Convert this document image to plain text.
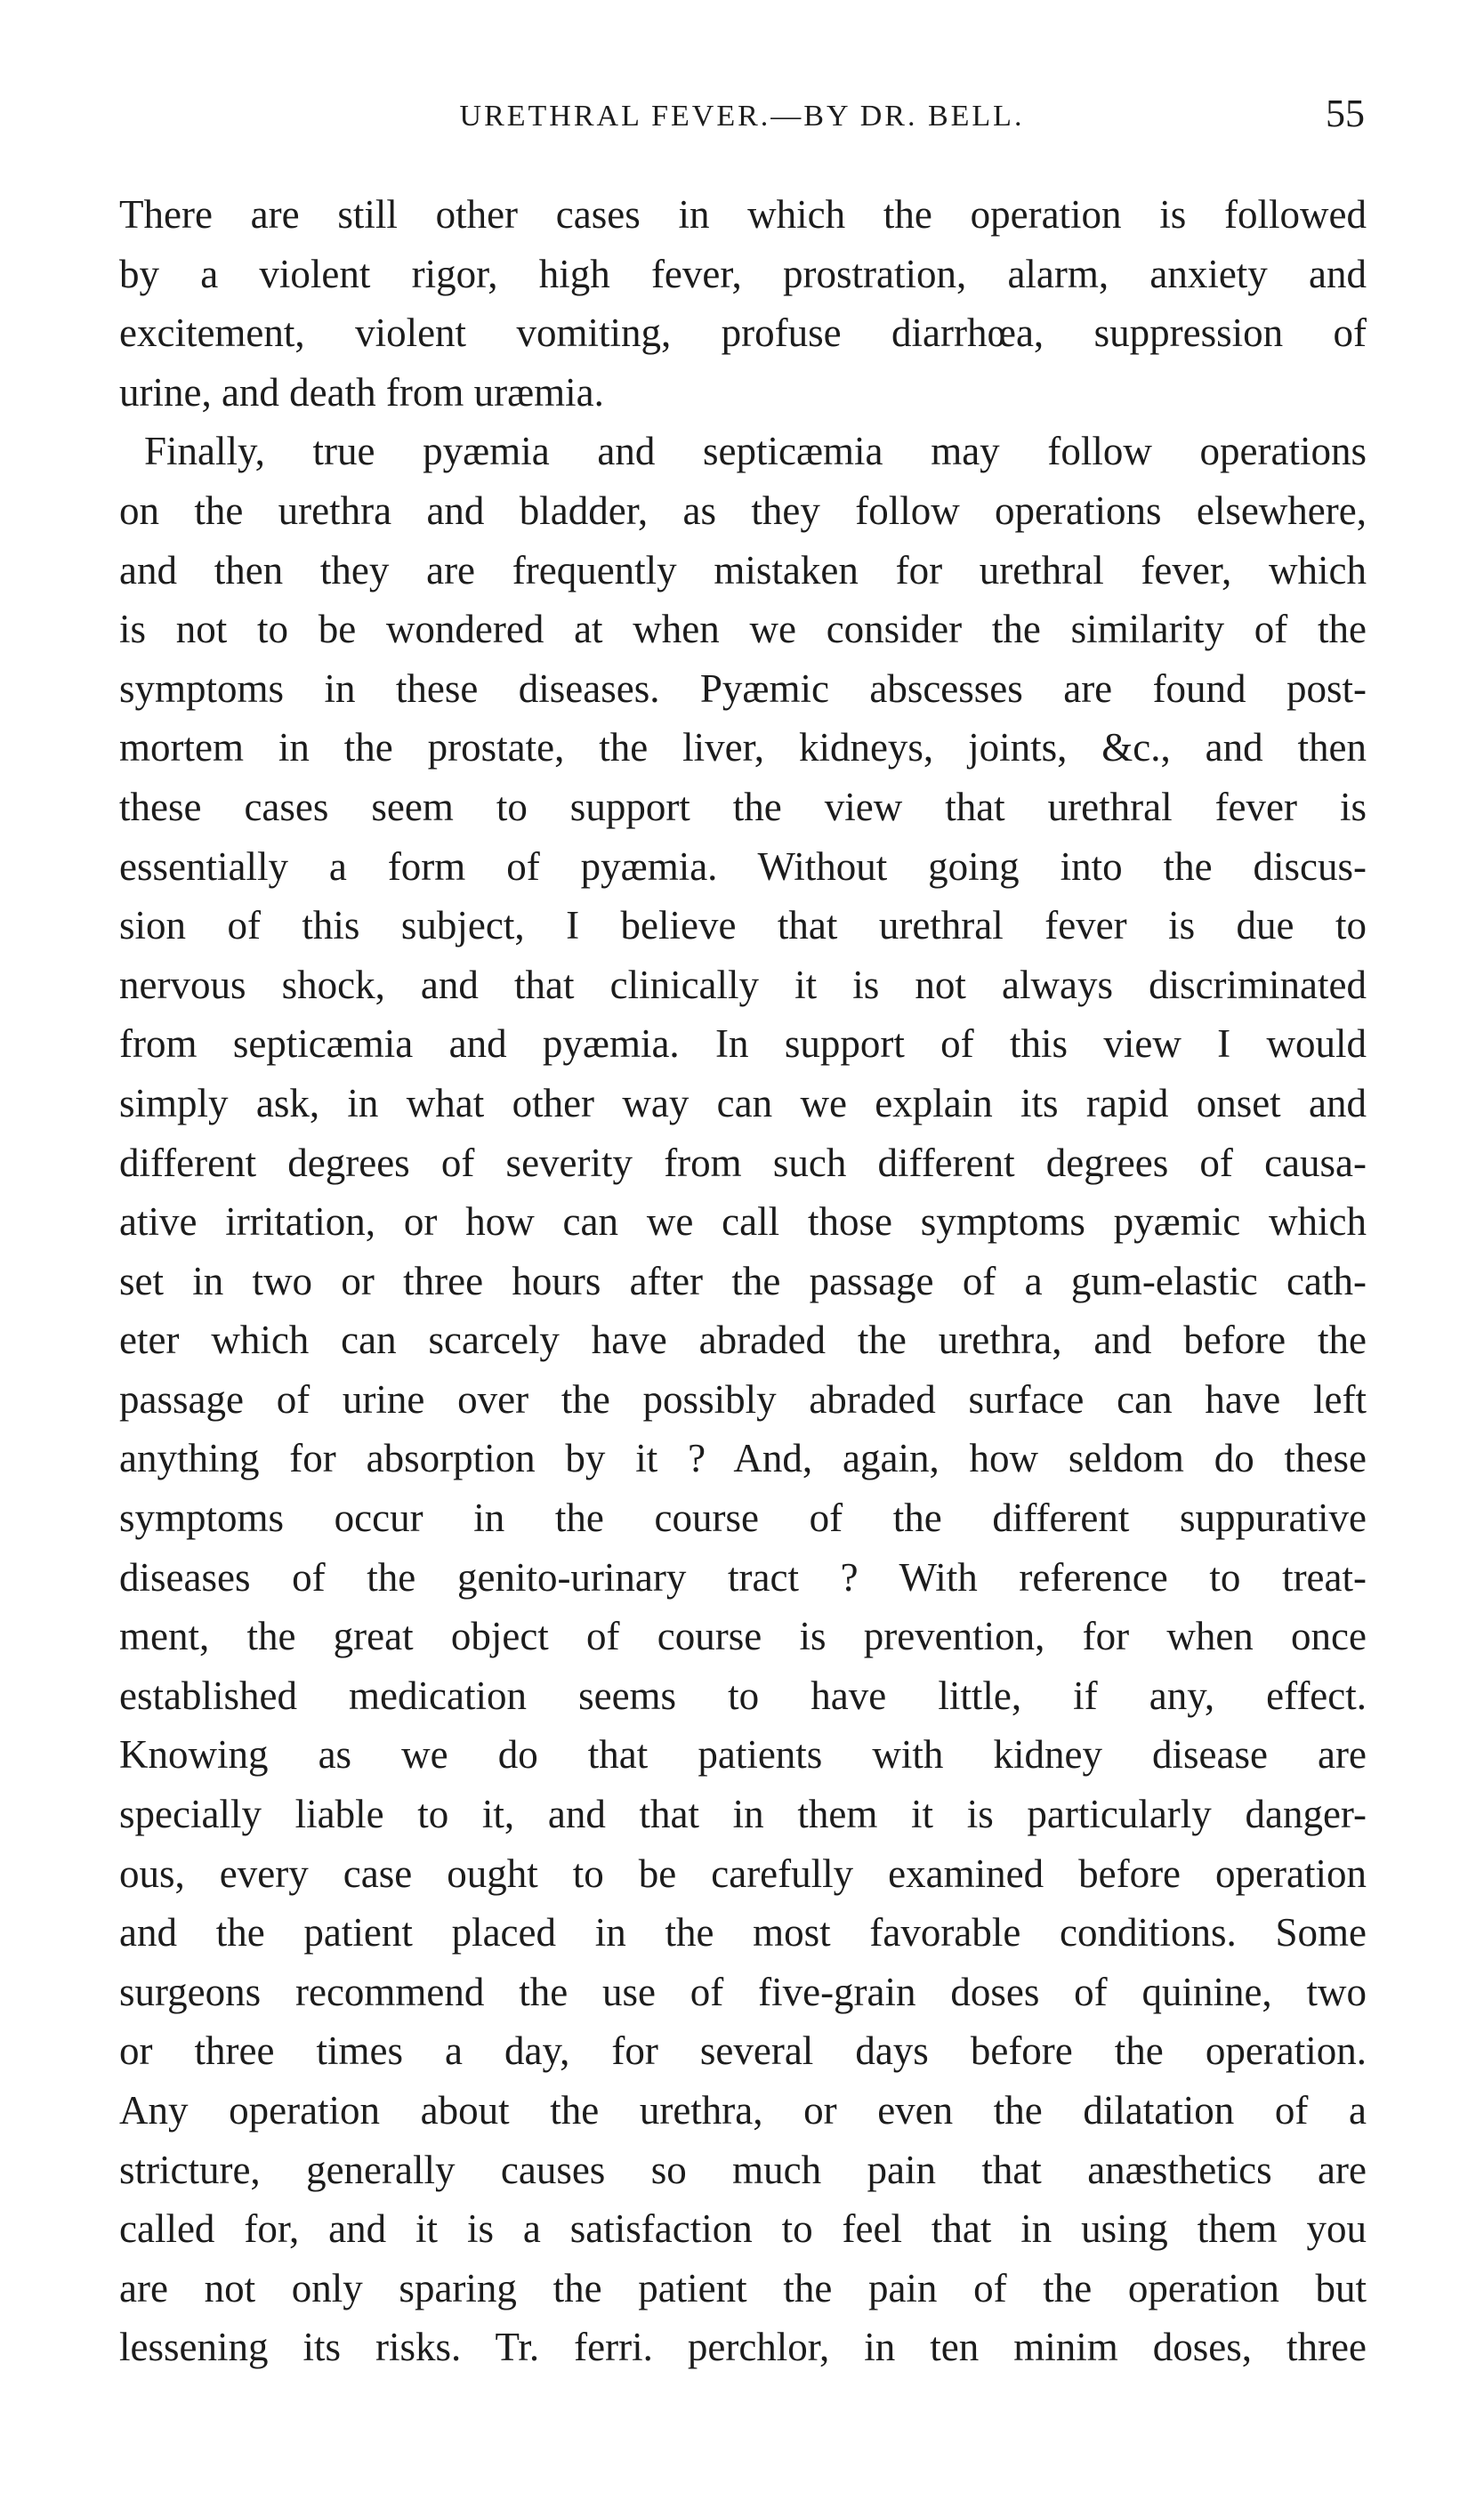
URETHRAL FEVER.—BY DR. BELL.	55
There are still other cases in which the operation is followed
by a violent rigor, high fever, prostration, alarm, anxiety and
excitement, violent vomiting, profuse diarrhœa, suppression of
urine, and death from uræmia.
Finally, true pyæmia and septicæmia may follow operations
on the urethra and bladder, as they follow operations elsewhere,
and then they are frequently mistaken for urethral fever, which
is not to be wondered at when we consider the similarity of the
symptoms in these diseases. Pyæmic abscesses are found post-
mortem in the prostate, the liver, kidneys, joints, &c., and then
these cases seem to support the view that urethral fever is
essentially a form of pyæmia. Without going into the discus-
sion of this subject, I believe that urethral fever is due to
nervous shock, and that clinically it is not always discriminated
from septicæmia and pyæmia. In support of this view I would
simply ask, in what other way can we explain its rapid onset and
different degrees of severity from such different degrees of causa-
ative irritation, or how can we call those symptoms pyæmic which
set in two or three hours after the passage of a gum-elastic cath-
eter which can scarcely have abraded the urethra, and before the
passage of urine over the possibly abraded surface can have left
anything for absorption by it ? And, again, how seldom do these
symptoms occur in the course of the different suppurative
diseases of the genito-urinary tract ? With reference to treat-
ment, the great object of course is prevention, for when once
established medication seems to have little, if any, effect.
Knowing as we do that patients with kidney disease are
specially liable to it, and that in them it is particularly danger-
ous, every case ought to be carefully examined before operation
and the patient placed in the most favorable conditions. Some
surgeons recommend the use of five-grain doses of quinine, two
or three times a day, for several days before the operation.
Any operation about the urethra, or even the dilatation of a
stricture, generally causes so much pain that anæsthetics are
called for, and it is a satisfaction to feel that in using them you
are not only sparing the patient the pain of the operation but
lessening its risks. Tr. ferri. perchlor, in ten minim doses, three
